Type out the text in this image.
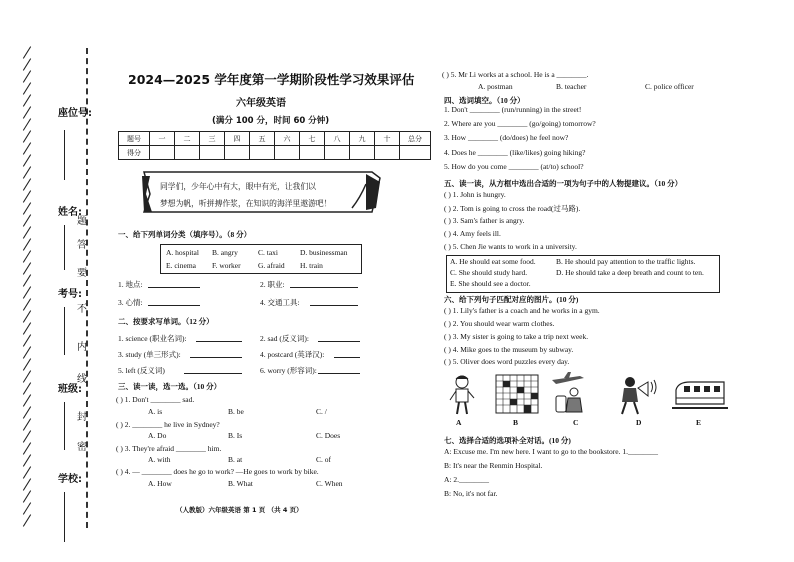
学校:
班级:
考号:
姓名:
座位号:
密
封
线
内
不
要
答
题
2024—2025 学年度第一学期阶段性学习效果评估
六年级英语
(满分 100 分，时间 60 分钟)
题号	一	二	三	四	五	六	七	八	九	十	总分
得分											
同学们，少年心中有大，眼中有光，让我们以
梦想为帆，听拼搏作浆，在知识的海洋里遨游吧！
一、给下列单词分类（填序号）。（8 分）
A. hospital B. angry	C. taxi	D. businessman
E. cinema F. worker G. afraid H. train
1. 地点:	2. 职业:
3. 心情:	4. 交通工具:
二、按要求写单词。（12 分）
1. science (职业名词):	2. sad (反义词):
3. study (单三形式):	4. postcard (英译汉):
5. left (反义词)	6. worry (形容词):
三、读一读，选一选。（10 分）
( ) 1. Don't ________ sad.
A. is	B. be	C. /
( ) 2. ________ he live in Sydney?
A. Do	B. Is	C. Does
( ) 3. They're afraid ________ him.
A. with	B. at	C. of
( ) 4. — ________ does he go to work? —He goes to work by bike.
A. How	B. What	C. When
（人教版）六年级英语 第 1 页 （共 4 页）
( ) 5. Mr Li works at a school. He is a ________.
A. postman	B. teacher	C. police officer
四、选词填空。（10 分）
1. Don't ________ (run/running) in the street!
2. Where are you ________ (go/going) tomorrow?
3. How ________ (do/does) he feel now?
4. Does he ________ (like/likes) going hiking?
5. How do you come ________ (at/to) school?
五、读一读，从方框中选出合适的一项为句子中的人物提建议。（10 分）
( ) 1. John is hungry.
( ) 2. Tom is going to cross the road(过马路).
( ) 3. Sam's father is angry.
( ) 4. Amy feels ill.
( ) 5. Chen Jie wants to work in a university.
A. He should eat some food.	B. He should pay attention to the traffic lights.
C. She should study hard.	D. He should take a deep breath and count to ten.
E. She should see a doctor.
六、给下列句子匹配对应的图片。(10 分)
( ) 1. Lily's father is a coach and he works in a gym.
( ) 2. You should wear warm clothes.
( ) 3. My sister is going to take a trip next week.
( ) 4. Mike goes to the museum by subway.
( ) 5. Oliver does word puzzles every day.
A	B	C	D	E
七、选择合适的选项补全对话。(10 分)
A: Excuse me. I'm new here. I want to go to the bookstore. 1.________
B: It's near the Renmin Hospital.
A: 2.________
B: No, it's not far.
